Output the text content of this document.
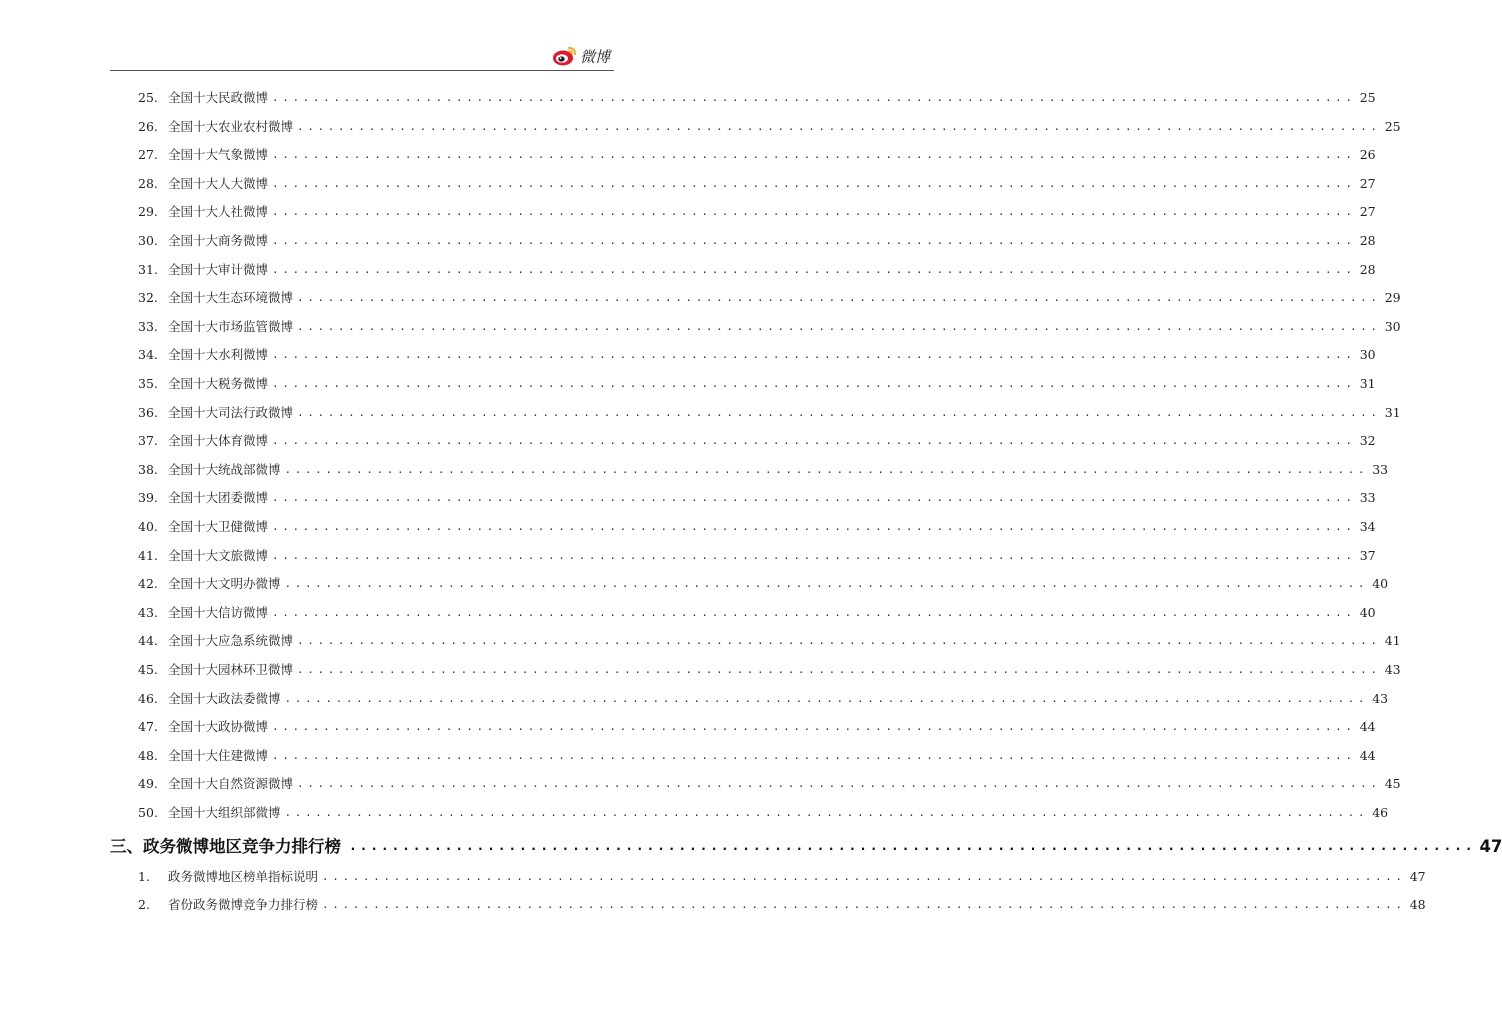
微博
25. 全国十大民政微博 .......................................................................................................... 25
26. 全国十大农业农村微博 .......................................................................................................... 25
27. 全国十大气象微博 .......................................................................................................... 26
28. 全国十大人大微博 .......................................................................................................... 27
29. 全国十大人社微博 .......................................................................................................... 27
30. 全国十大商务微博 .......................................................................................................... 28
31. 全国十大审计微博 .......................................................................................................... 28
32. 全国十大生态环境微博 .......................................................................................................... 29
33. 全国十大市场监管微博 .......................................................................................................... 30
34. 全国十大水利微博 .......................................................................................................... 30
35. 全国十大税务微博 .......................................................................................................... 31
36. 全国十大司法行政微博 .......................................................................................................... 31
37. 全国十大体育微博 .......................................................................................................... 32
38. 全国十大统战部微博 .......................................................................................................... 33
39. 全国十大团委微博 .......................................................................................................... 33
40. 全国十大卫健微博 .......................................................................................................... 34
41. 全国十大文旅微博 .......................................................................................................... 37
42. 全国十大文明办微博 .......................................................................................................... 40
43. 全国十大信访微博 .......................................................................................................... 40
44. 全国十大应急系统微博 .......................................................................................................... 41
45. 全国十大园林环卫微博 .......................................................................................................... 43
46. 全国十大政法委微博 .......................................................................................................... 43
47. 全国十大政协微博 .......................................................................................................... 44
48. 全国十大住建微博 .......................................................................................................... 44
49. 全国十大自然资源微博 .......................................................................................................... 45
50. 全国十大组织部微博 .......................................................................................................... 46
三、政务微博地区竞争力排行榜 .......................................................................................................... 47
1.	政务微博地区榜单指标说明 .......................................................................................................... 47
2.	省份政务微博竞争力排行榜 .......................................................................................................... 48
